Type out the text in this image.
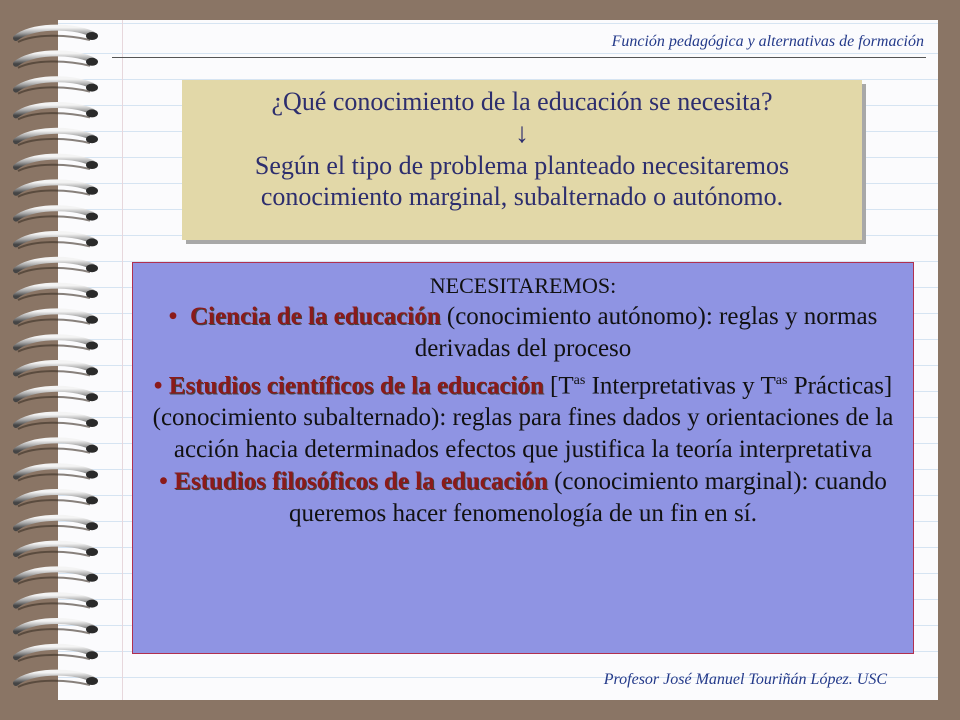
Función pedagógica y alternativas de formación
¿Qué conocimiento de la educación se necesita?
↓
Según el tipo de problema planteado necesitaremos
conocimiento marginal, subalternado o autónomo.
NECESITAREMOS:

• Ciencia de la educación (conocimiento autónomo): reglas y normas derivadas del proceso

• Estudios científicos de la educación [$T^{as}$ Interpretativas y $T^{as}$ Prácticas] (conocimiento subalternado): reglas para fines dados y orientaciones de la acción hacia determinados efectos que justifica la teoría interpretativa

• Estudios filosóficos de la educación (conocimiento marginal): cuando queremos hacer fenomenología de un fin en sí.

Profesor José Manuel Touriñán López. USC
